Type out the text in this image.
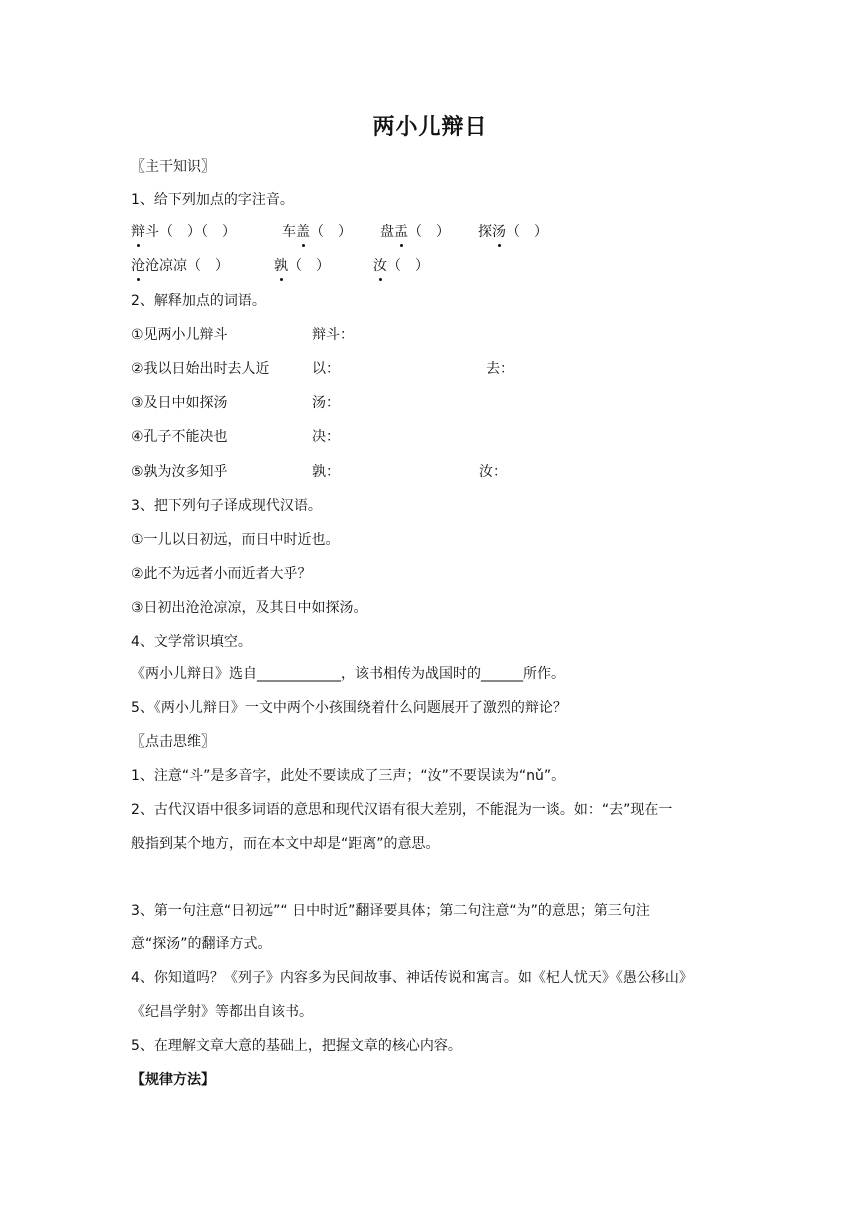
两小儿辩日
〖主干知识〗
1、给下列加点的字注音。
辩斗（　）（　）	车盖（　） 盘盂（　） 探汤（　）
沧沧凉凉（　）	孰（　）	汝（　）
2、解释加点的词语。
①见两小儿辩斗	辩斗：
②我以日始出时去人近	以：	去：
③及日中如探汤	汤：
④孔子不能决也	决：
⑤孰为汝多知乎	孰：	汝：
3、把下列句子译成现代汉语。
①一儿以日初远，而日中时近也。
②此不为远者小而近者大乎？
③日初出沧沧凉凉，及其日中如探汤。
4、文学常识填空。
《两小儿辩日》选自____________，该书相传为战国时的______所作。
5、《两小儿辩日》一文中两个小孩围绕着什么问题展开了激烈的辩论？
〖点击思维〗
1、注意“斗”是多音字，此处不要读成了三声；“汝”不要误读为“nǔ”。
2、古代汉语中很多词语的意思和现代汉语有很大差别，不能混为一谈。如：“去”现在一
般指到某个地方，而在本文中却是“距离”的意思。
3、第一句注意“日初远”“ 日中时近”翻译要具体；第二句注意“为”的意思；第三句注
意“探汤”的翻译方式。
4、你知道吗？《列子》内容多为民间故事、神话传说和寓言。如《杞人忧天》《愚公移山》
《纪昌学射》等都出自该书。
5、在理解文章大意的基础上，把握文章的核心内容。
【规律方法】
